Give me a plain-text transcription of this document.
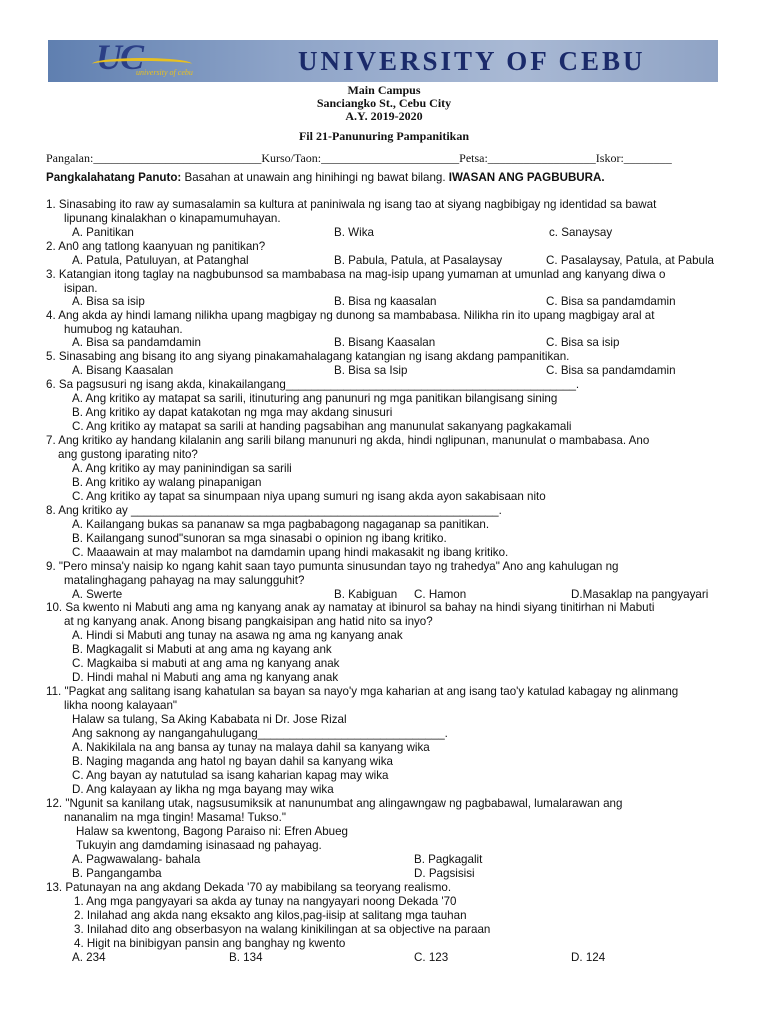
UC
university of cebu	UNIVERSITY OF CEBU
Main Campus
Sanciangko St., Cebu City
A.Y. 2019-2020
Fil 21-Panunuring Pampanitikan
Pangalan:____________________________Kurso/Taon:_______________________Petsa:__________________Iskor:________
Pangkalahatang Panuto: Basahan at unawain ang hinihingi ng bawat bilang. IWASAN ANG PAGBUBURA.
1. Sinasabing ito raw ay sumasalamin sa kultura at paniniwala ng isang tao at siyang nagbibigay ng identidad sa bawat
lipunang kinalakhan o kinapamumuhayan.
2. An0 ang tatlong kaanyuan ng panitikan?
3. Katangian itong taglay na nagbubunsod sa mambabasa na mag-isip upang yumaman at umunlad ang kanyang diwa o
isipan.
4. Ang akda ay hindi lamang nilikha upang magbigay ng dunong sa mambabasa. Nilikha rin ito upang magbigay aral at
humubog ng katauhan.
5. Sinasabing ang bisang ito ang siyang pinakamahalagang katangian ng isang akdang pampanitikan.
6. Sa pagsusuri ng isang akda, kinakailangang_____________________________________________.
A. Ang kritiko ay matapat sa sarili, itinuturing ang panunuri ng mga panitikan bilangisang sining
B. Ang kritiko ay dapat katakotan ng mga may akdang sinusuri
C. Ang kritiko ay matapat sa sarili at handing pagsabihan ang manunulat sakanyang pagkakamali
7. Ang kritiko ay handang kilalanin ang sarili bilang manunuri ng akda, hindi nglipunan, manunulat o mambabasa. Ano
ang gustong iparating nito?
A. Ang kritiko ay may paninindigan sa sarili
B. Ang kritiko ay walang pinapanigan
C. Ang kritiko ay tapat sa sinumpaan niya upang sumuri ng isang akda ayon sakabisaan nito
8. Ang kritiko ay _________________________________________________________.
A. Kailangang bukas sa pananaw sa mga pagbabagong nagaganap sa panitikan.
B. Kailangang sunod"sunoran sa mga sinasabi o opinion ng ibang kritiko.
C. Maaawain at may malambot na damdamin upang hindi makasakit ng ibang kritiko.
9. "Pero minsa'y naisip ko ngang kahit saan tayo pumunta sinusundan tayo ng trahedya" Ano ang kahulugan ng
matalinghagang pahayag na may salungguhit?
10. Sa kwento ni Mabuti ang ama ng kanyang anak ay namatay at ibinurol sa bahay na hindi siyang tinitirhan ni Mabuti
at ng kanyang anak. Anong bisang pangkaisipan ang hatid nito sa inyo?
A. Hindi si Mabuti ang tunay na asawa ng ama ng kanyang anak
B. Magkagalit si Mabuti at ang ama ng kayang ank
C. Magkaiba si mabuti at ang ama ng kanyang anak
D. Hindi mahal ni Mabuti ang ama ng kanyang anak
11. "Pagkat ang salitang isang kahatulan sa bayan sa nayo'y mga kaharian at ang isang tao'y katulad kabagay ng alinmang
likha noong kalayaan"
Halaw sa tulang, Sa Aking Kababata ni Dr. Jose Rizal
Ang saknong ay nangangahulugang_____________________________.
A. Nakikilala na ang bansa ay tunay na malaya dahil sa kanyang wika
B. Naging maganda ang hatol ng bayan dahil sa kanyang wika
C. Ang bayan ay natutulad sa isang kaharian kapag may wika
D. Ang kalayaan ay likha ng mga bayang may wika
12. "Ngunit sa kanilang utak, nagsusumiksik at nanunumbat ang alingawngaw ng pagbabawal, lumalarawan ang
nananalim na mga tingin! Masama! Tukso."
Halaw sa kwentong, Bagong Paraiso ni: Efren Abueg
Tukuyin ang damdaming isinasaad ng pahayag.
13. Patunayan na ang akdang Dekada '70 ay mabibilang sa teoryang realismo.
1. Ang mga pangyayari sa akda ay tunay na nangyayari noong Dekada '70
2. Inilahad ang akda nang eksakto ang kilos,pag-iisip at salitang mga tauhan
3. Inilahad dito ang obserbasyon na walang kinikilingan at sa objective na paraan
4. Higit na binibigyan pansin ang banghay ng kwento
A. Panitikan	B. Wika	c. Sanaysay
A. Patula, Patuluyan, at Patanghal	B. Pabula, Patula, at Pasalaysay	C. Pasalaysay, Patula, at Pabula
A. Bisa sa isip	B. Bisa ng kaasalan	C. Bisa sa pandamdamin
A. Bisa sa pandamdamin	B. Bisang Kaasalan	C. Bisa sa isip
A. Bisang Kaasalan	B. Bisa sa Isip	C. Bisa sa pandamdamin
A. Swerte	B. Kabiguan C. Hamon	D.Masaklap na pangyayari
A. Pagwawalang- bahala	B. Pagkagalit
B. Pangangamba	D. Pagsisisi
A. 234	B. 134	C. 123	D. 124
